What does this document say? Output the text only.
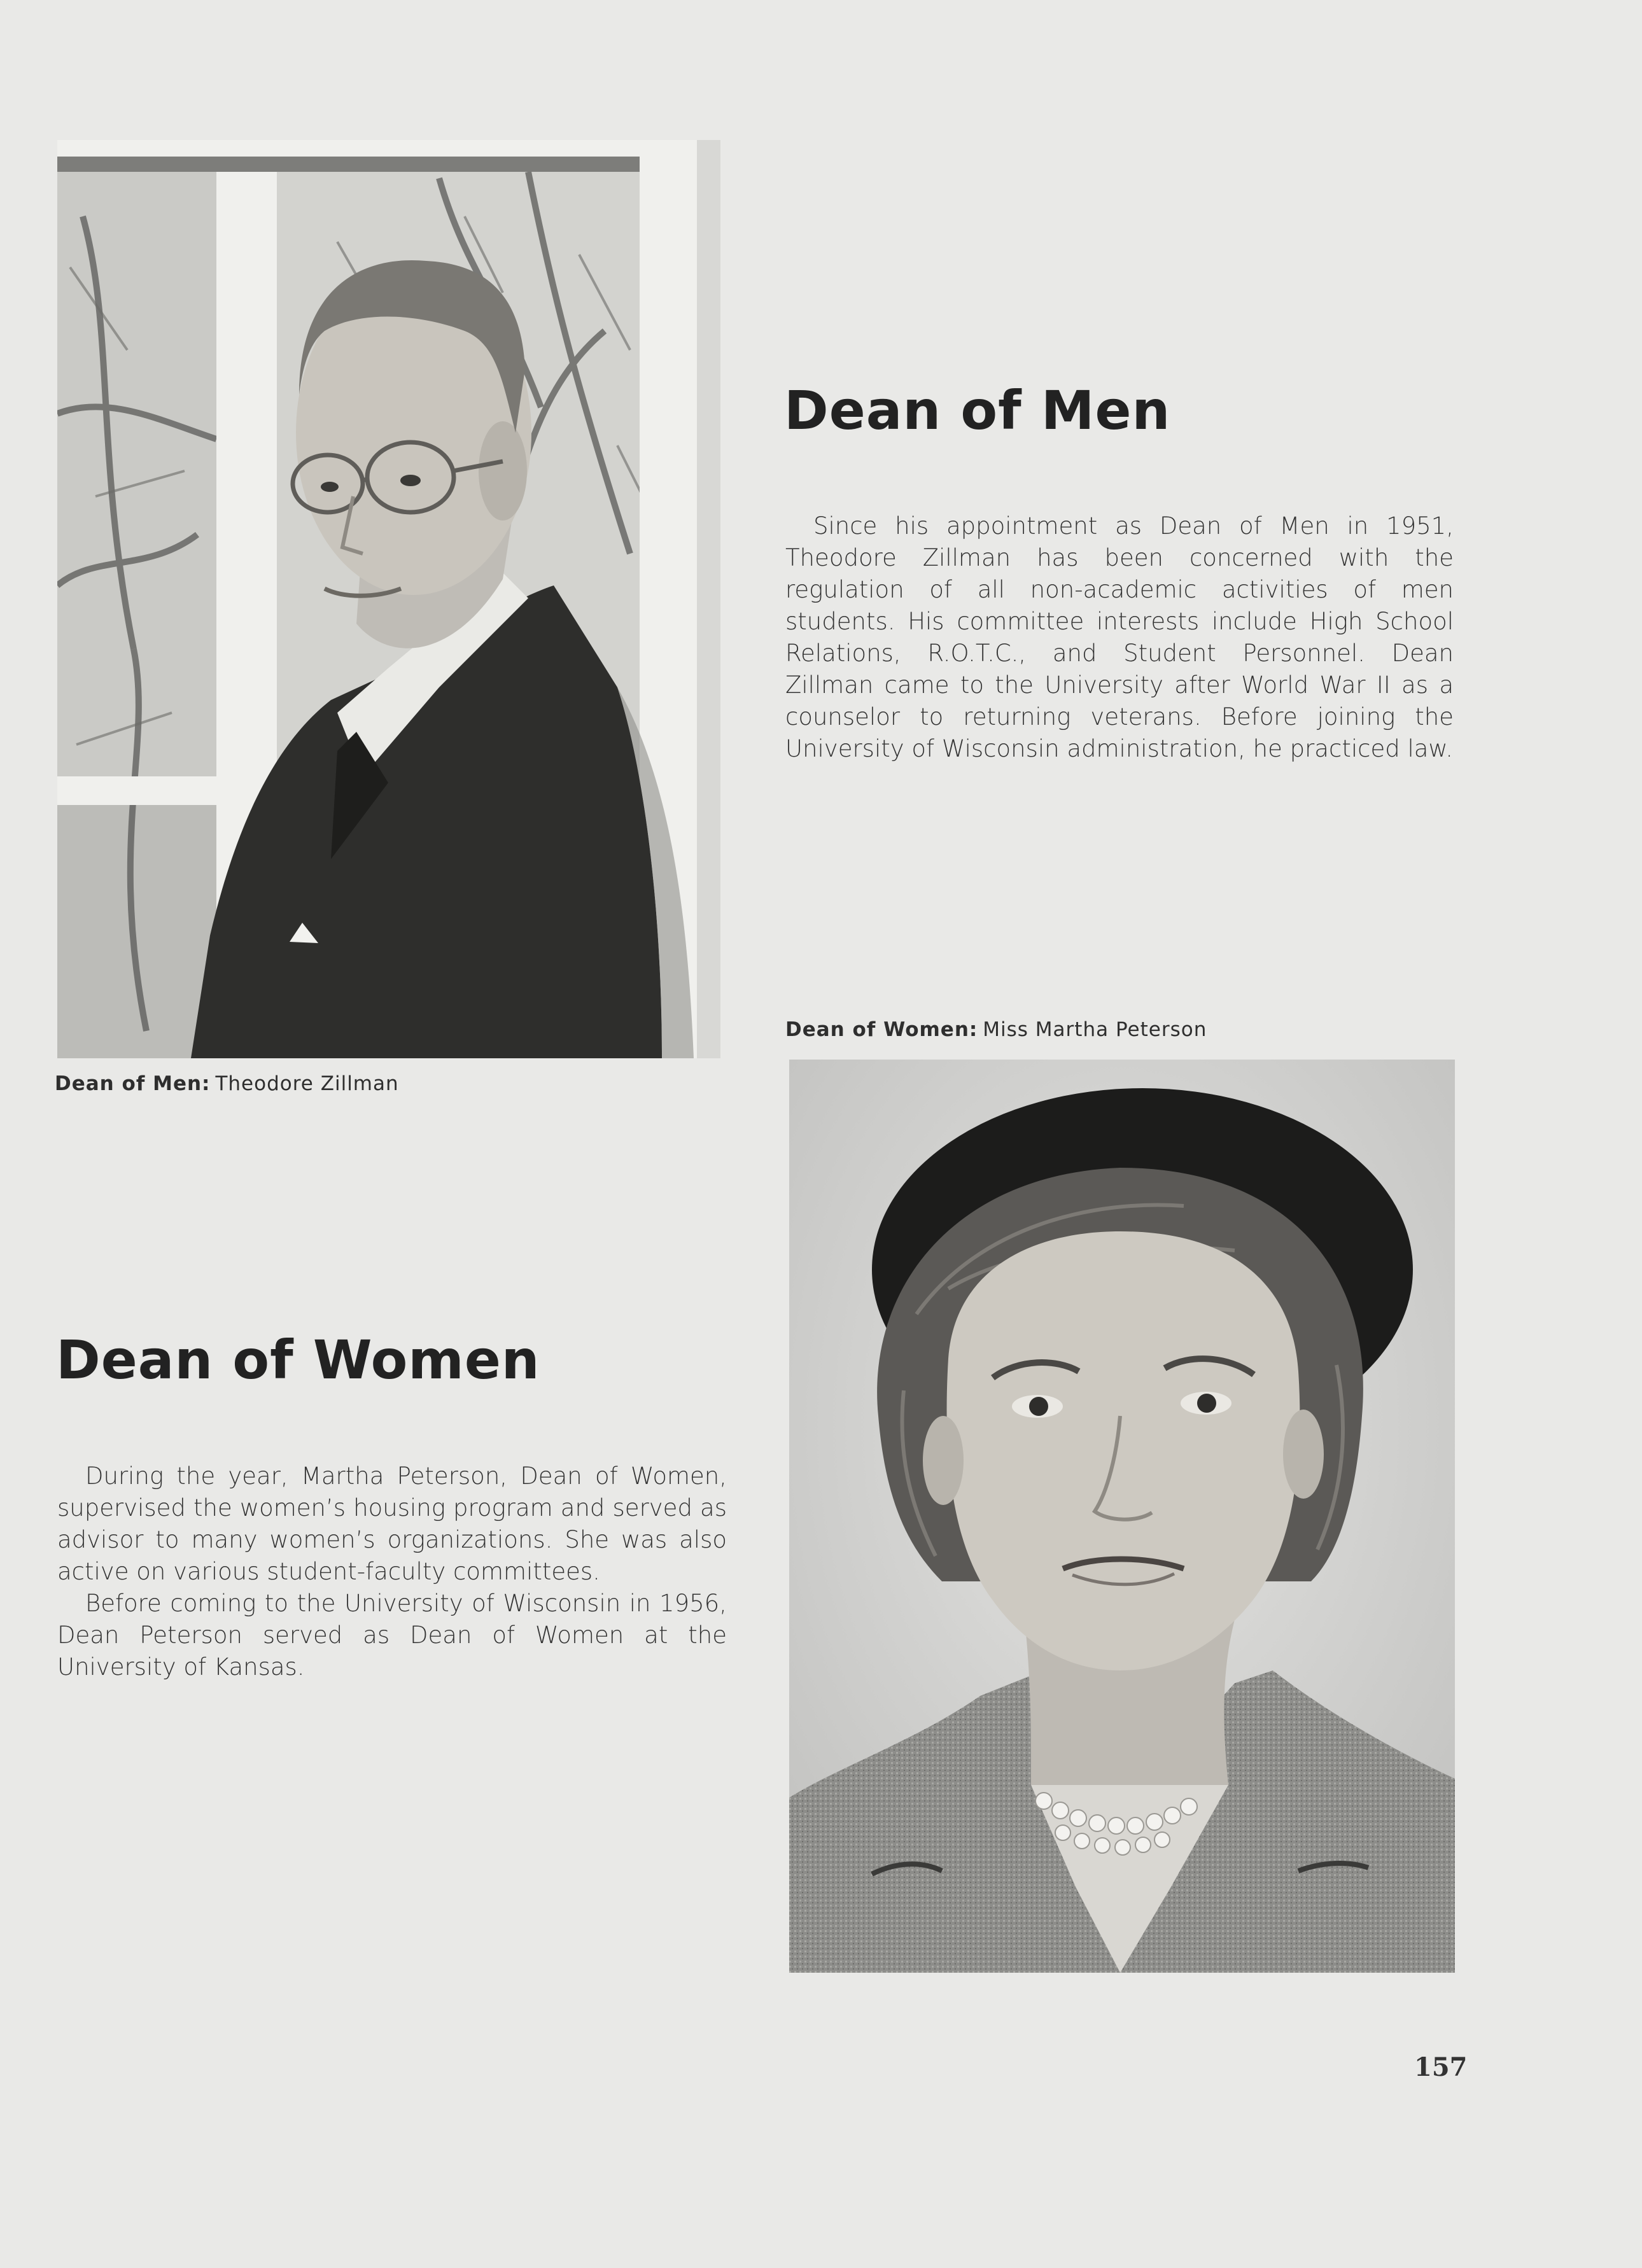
Dean of Men: Theodore Zillman
Dean of Men

Since his appointment as Dean of Men in 1951, Theodore Zillman has been concerned with the regulation of all non-academic activities of men students. His committee interests include High School Relations, R.O.T.C., and Student Personnel. Dean Zillman came to the University after World War II as a counselor to returning veterans. Before joining the University of Wisconsin administration, he practiced law.

Dean of Women: Miss Martha Peterson
Dean of Women

During the year, Martha Peterson, Dean of Women, supervised the women’s housing program and served as advisor to many women’s organizations. She was also active on various student-faculty committees.

Before coming to the University of Wisconsin in 1956, Dean Peterson served as Dean of Women at the University of Kansas.

157
